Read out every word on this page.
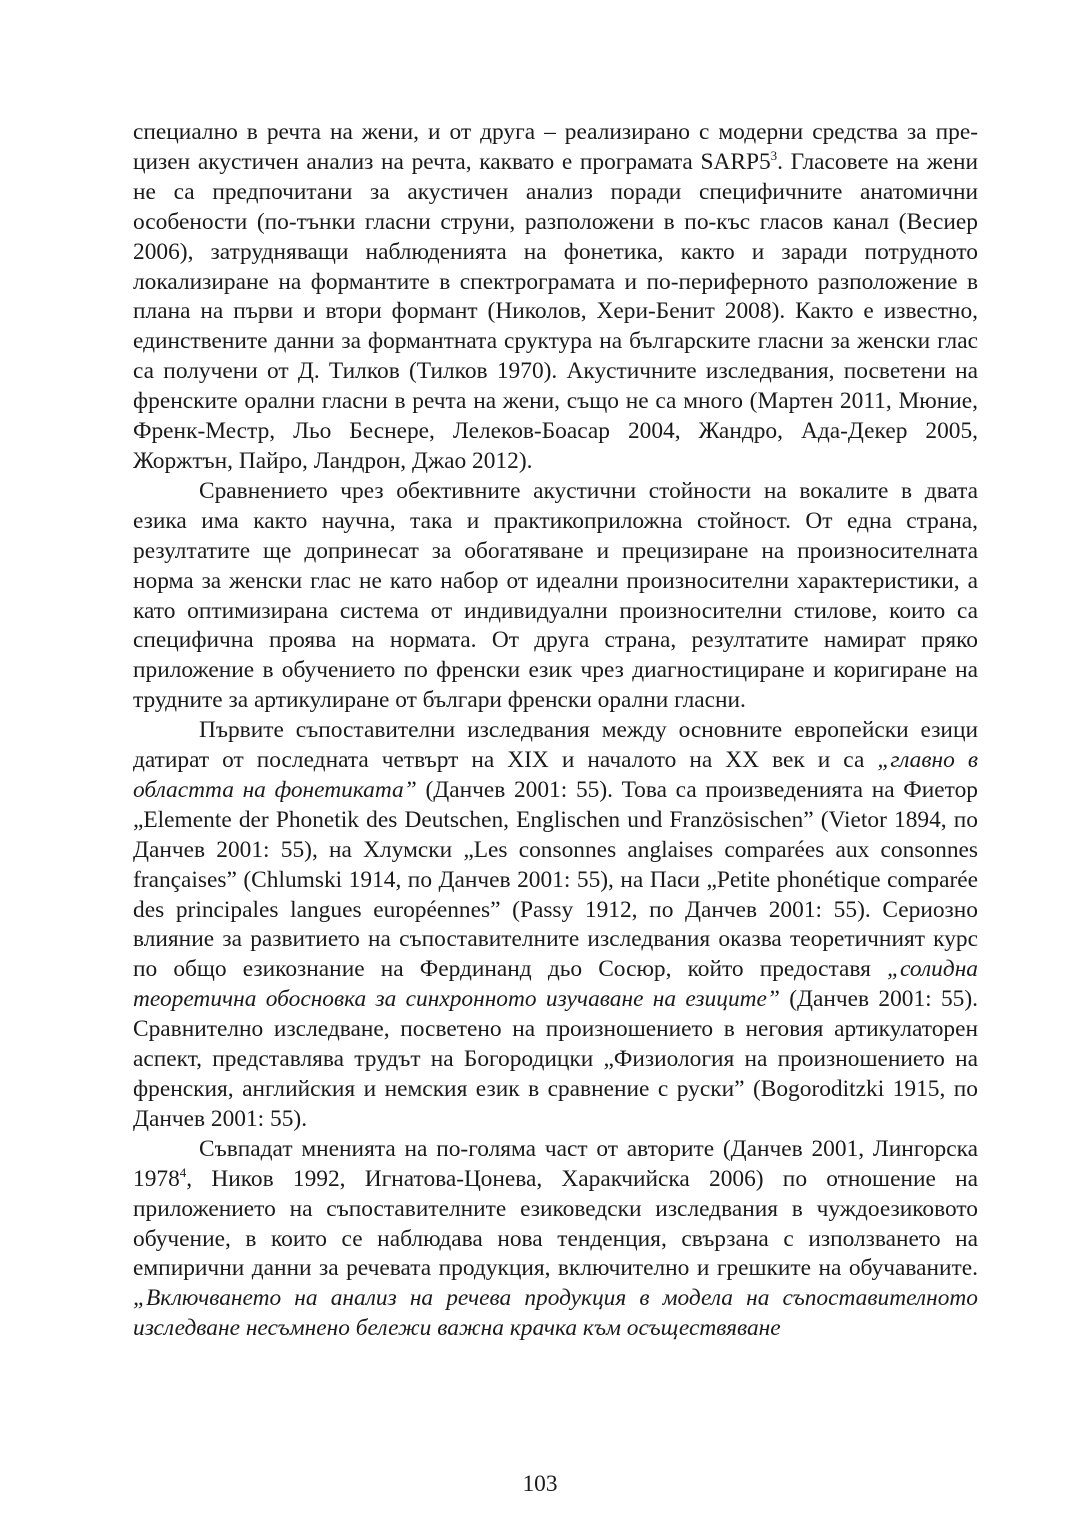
специално в речта на жени, и от друга – реализирано с модерни средства за прецизен акустичен анализ на речта, каквато е програмата $SARP5^3$. Гласовете на жени не са предпочитани за акустичен анализ поради специфичните анатомични особености (по-тънки гласни струни, разположени в по-къс гласов канал (Весиер 2006), затрудняващи наблюденията на фонетика, както и заради потрудното локализиране на формантите в спектрограмата и по-периферното разположение в плана на първи и втори формант (Николов, Хери-Бенит 2008). Както е известно, единствените данни за формантната сруктура на българските гласни за женски глас са получени от Д. Тилков (Тилков 1970). Акустичните изследвания, посветени на френските орални гласни в речта на жени, също не са много (Мартен 2011, Мюние, Френк-Местр, Льо Беснере, Лелеков-Боасар 2004, Жандро, Ада-Декер 2005, Жоржтън, Пайро, Ландрон, Джао 2012).

Сравнението чрез обективните акустични стойности на вокалите в двата езика има както научна, така и практикоприложна стойност. От една страна, резултатите ще допринесат за обогатяване и прецизиране на произносителната норма за женски глас не като набор от идеални произносителни характеристики, а като оптимизирана система от индивидуални произносителни стилове, които са специфична проява на нормата. От друга страна, резултатите намират пряко приложение в обучението по френски език чрез диагностициране и коригиране на трудните за артикулиране от българи френски орални гласни.

Първите съпоставителни изследвания между основните европейски езици датират от последната четвърт на XIX и началото на XX век и са „главно в областта на фонетиката” (Данчев 2001: 55). Това са произведенията на Фиетор „Elemente der Phonetik des Deutschen, Englischen und Französischen” (Vietor 1894, по Данчев 2001: 55), на Хлумски „Les consonnes anglaises comparées aux consonnes françaises” (Chlumski 1914, по Данчев 2001: 55), на Паси „Petite phonétique comparée des principales langues européennes” (Passy 1912, по Данчев 2001: 55). Сериозно влияние за развитието на съпоставителните изследвания оказва теоретичният курс по общо езикознание на Фердинанд дьо Сосюр, който предоставя „солидна теоретична обосновка за синхронното изучаване на езиците” (Данчев 2001: 55). Сравнително изследване, посветено на произношението в неговия артикулаторен аспект, представлява трудът на Богородицки „Физиология на произношението на френския, английския и немския език в сравнение с руски” (Bogoroditzki 1915, по Данчев 2001: 55).

Съвпадат мненията на по-голяма част от авторите (Данчев 2001, Лингорска 1978$^4$, Ников 1992, Игнатова-Цонева, Харакчийска 2006) по отношение на приложението на съпоставителните езиковедски изследвания в чуждоезиковото обучение, в които се наблюдава нова тенденция, свързана с използването на емпирични данни за речевата продукция, включително и грешките на обучаваните. „Включването на анализ на речева продукция в модела на съпоставителното изследване несъмнено бележи важна крачка към осъществяване

103
